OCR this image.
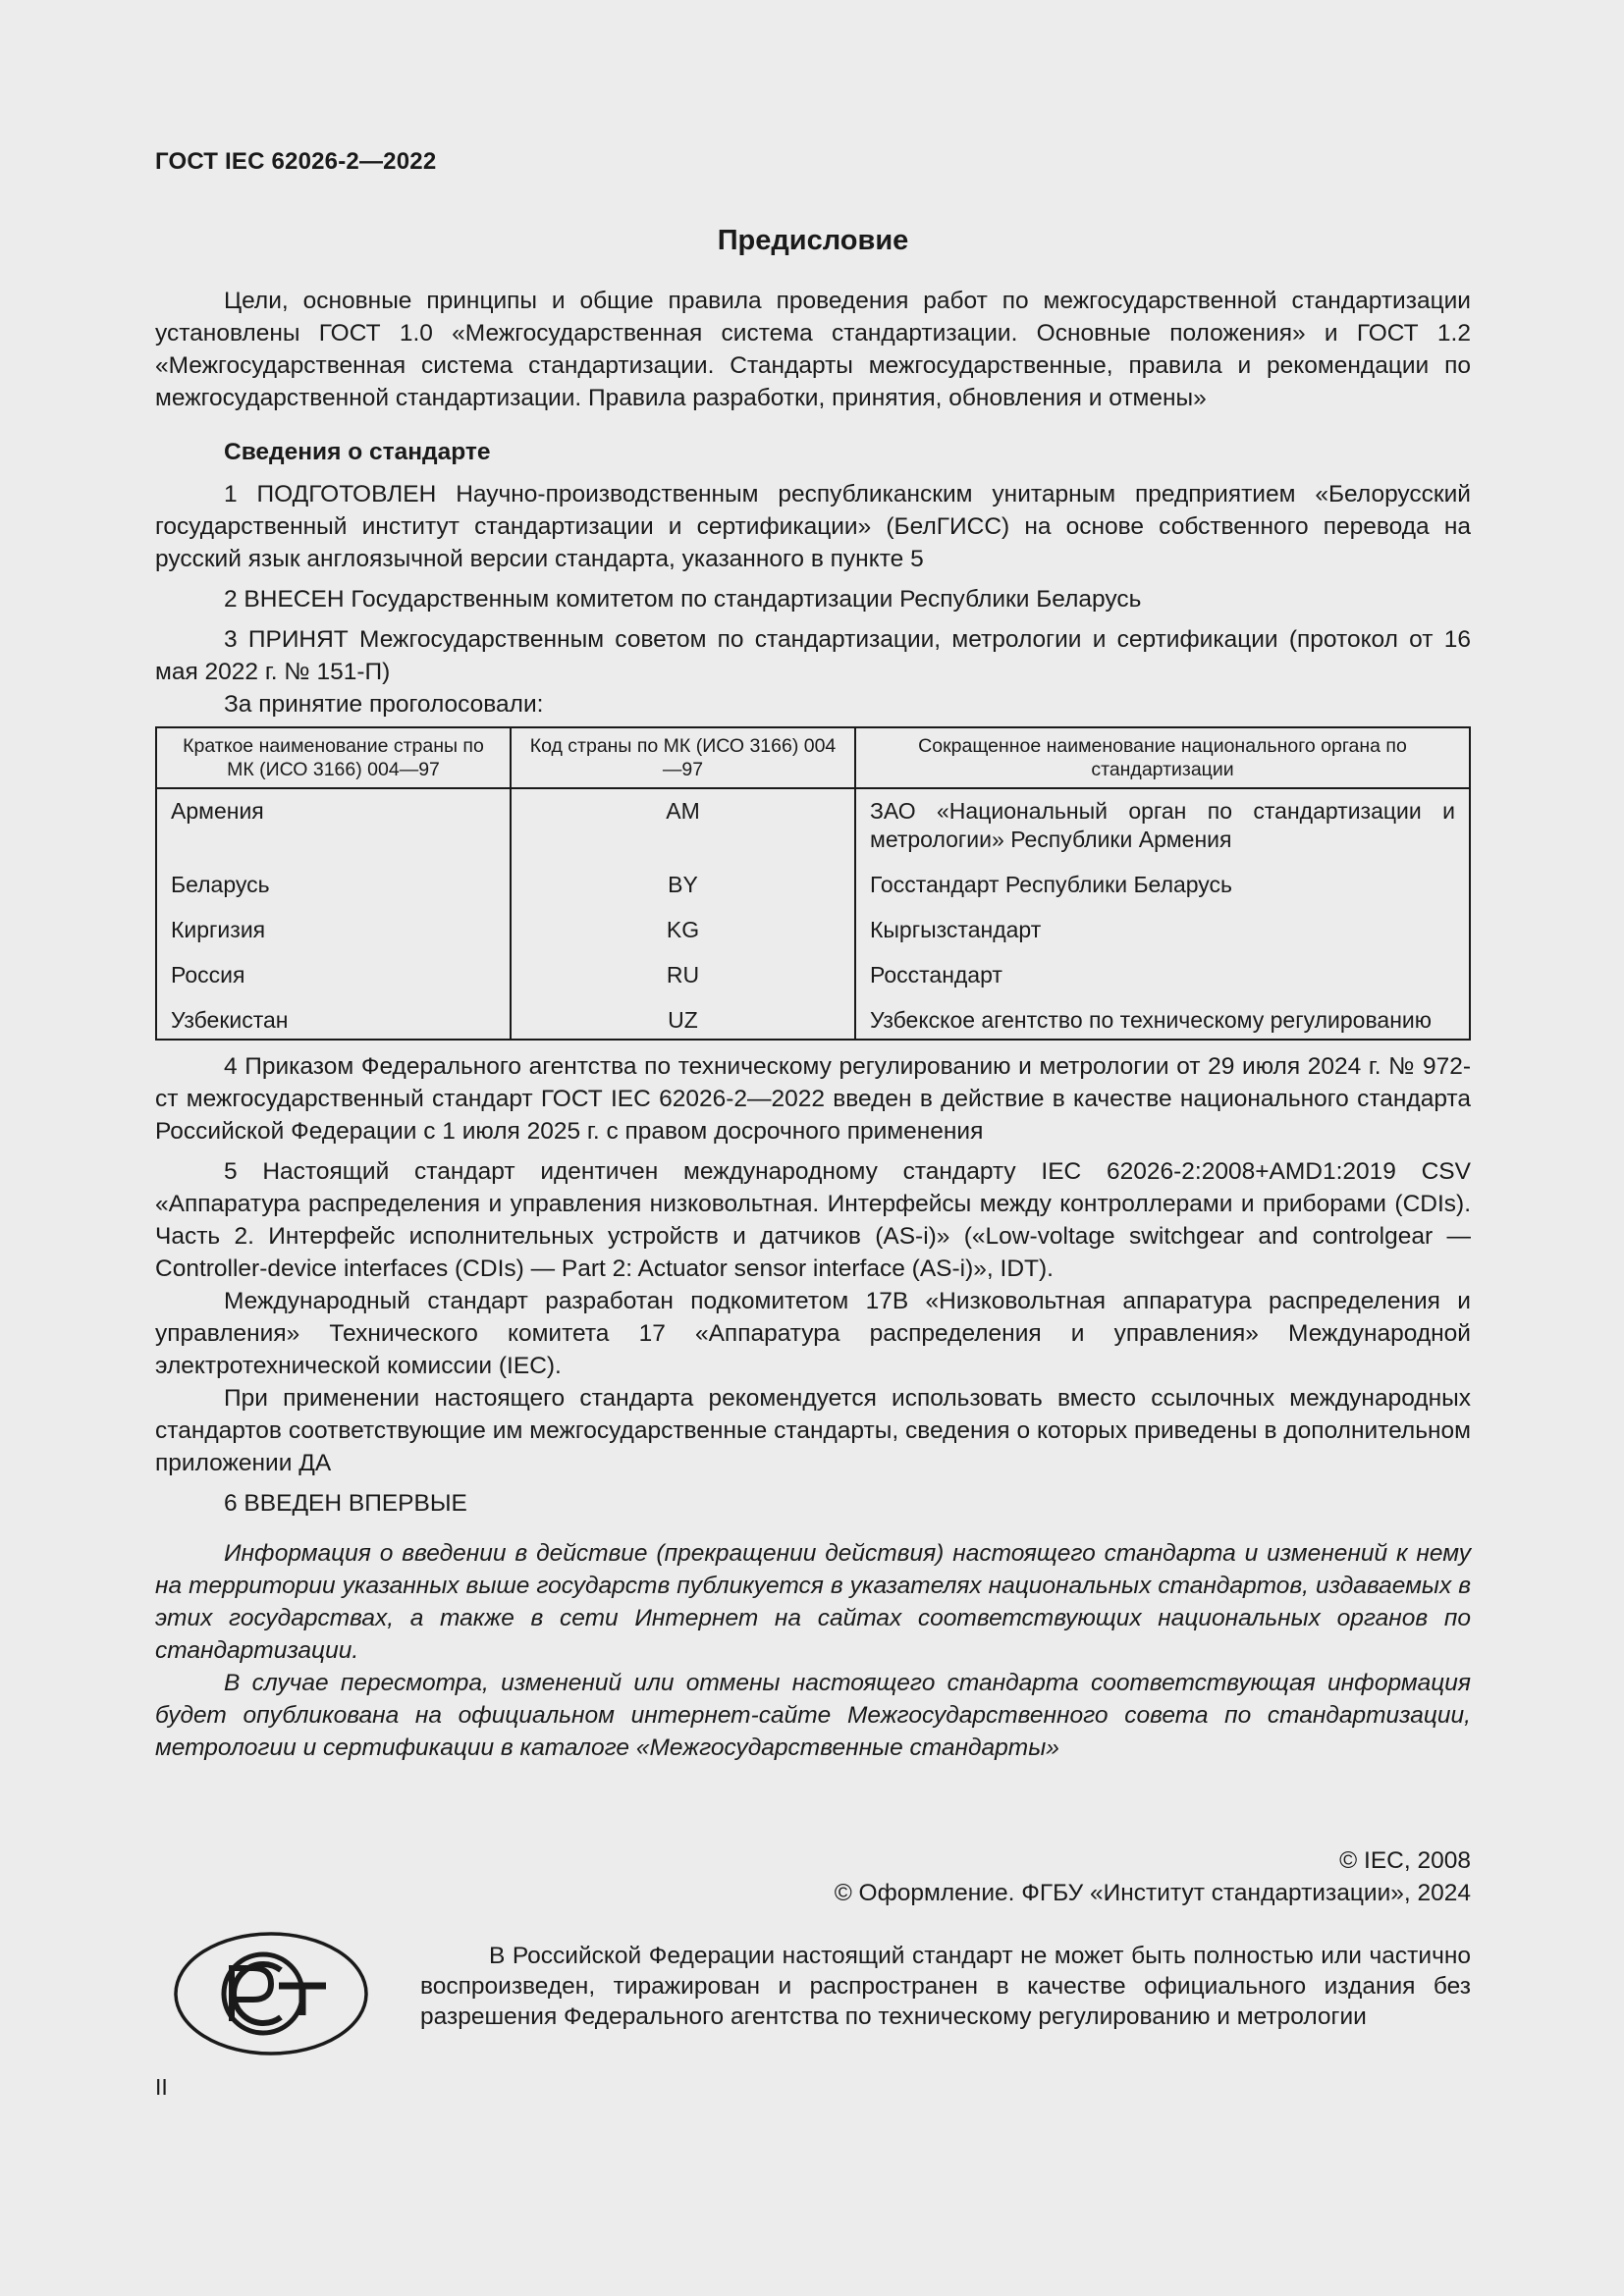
ГОСТ IEC 62026-2—2022
Предисловие

Цели, основные принципы и общие правила проведения работ по межгосударственной стандартизации установлены ГОСТ 1.0 «Межгосударственная система стандартизации. Основные положения» и ГОСТ 1.2 «Межгосударственная система стандартизации. Стандарты межгосударственные, правила и рекомендации по межгосударственной стандартизации. Правила разработки, принятия, обновления и отмены»

Сведения о стандарте

1 ПОДГОТОВЛЕН Научно-производственным республиканским унитарным предприятием «Белорусский государственный институт стандартизации и сертификации» (БелГИСС) на основе собственного перевода на русский язык англоязычной версии стандарта, указанного в пункте 5

2 ВНЕСЕН Государственным комитетом по стандартизации Республики Беларусь

3 ПРИНЯТ Межгосударственным советом по стандартизации, метрологии и сертификации (протокол от 16 мая 2022 г. № 151-П)

За принятие проголосовали:

Краткое наименование страны по МК (ИСО 3166) 004—97	Код страны по МК (ИСО 3166) 004—97	Сокращенное наименование национального органа по стандартизации
Армения	AM	ЗАО «Национальный орган по стандартизации и метрологии» Республики Армения
Беларусь	BY	Госстандарт Республики Беларусь
Киргизия	KG	Кыргызстандарт
Россия	RU	Росстандарт
Узбекистан	UZ	Узбекское агентство по техническому регулированию

4 Приказом Федерального агентства по техническому регулированию и метрологии от 29 июля 2024 г. № 972-ст межгосударственный стандарт ГОСТ IEC 62026-2—2022 введен в действие в качестве национального стандарта Российской Федерации с 1 июля 2025 г. с правом досрочного применения

5 Настоящий стандарт идентичен международному стандарту IEC 62026-2:2008+AMD1:2019 CSV «Аппаратура распределения и управления низковольтная. Интерфейсы между контроллерами и приборами (CDIs). Часть 2. Интерфейс исполнительных устройств и датчиков (AS-i)» («Low-voltage switchgear and controlgear — Controller-device interfaces (CDIs) — Part 2: Actuator sensor interface (AS-i)», IDT).

Международный стандарт разработан подкомитетом 17B «Низковольтная аппаратура распределения и управления» Технического комитета 17 «Аппаратура распределения и управления» Международной электротехнической комиссии (IEC).

При применении настоящего стандарта рекомендуется использовать вместо ссылочных международных стандартов соответствующие им межгосударственные стандарты, сведения о которых приведены в дополнительном приложении ДА

6 ВВЕДЕН ВПЕРВЫЕ

Информация о введении в действие (прекращении действия) настоящего стандарта и изменений к нему на территории указанных выше государств публикуется в указателях национальных стандартов, издаваемых в этих государствах, а также в сети Интернет на сайтах соответствующих национальных органов по стандартизации.

В случае пересмотра, изменений или отмены настоящего стандарта соответствующая информация будет опубликована на официальном интернет-сайте Межгосударственного совета по стандартизации, метрологии и сертификации в каталоге «Межгосударственные стандарты»

© IEC, 2008
© Оформление. ФГБУ «Институт стандартизации», 2024
В Российской Федерации настоящий стандарт не может быть полностью или частично воспроизведен, тиражирован и распространен в качестве официального издания без разрешения Федерального агентства по техническому регулированию и метрологии
II
